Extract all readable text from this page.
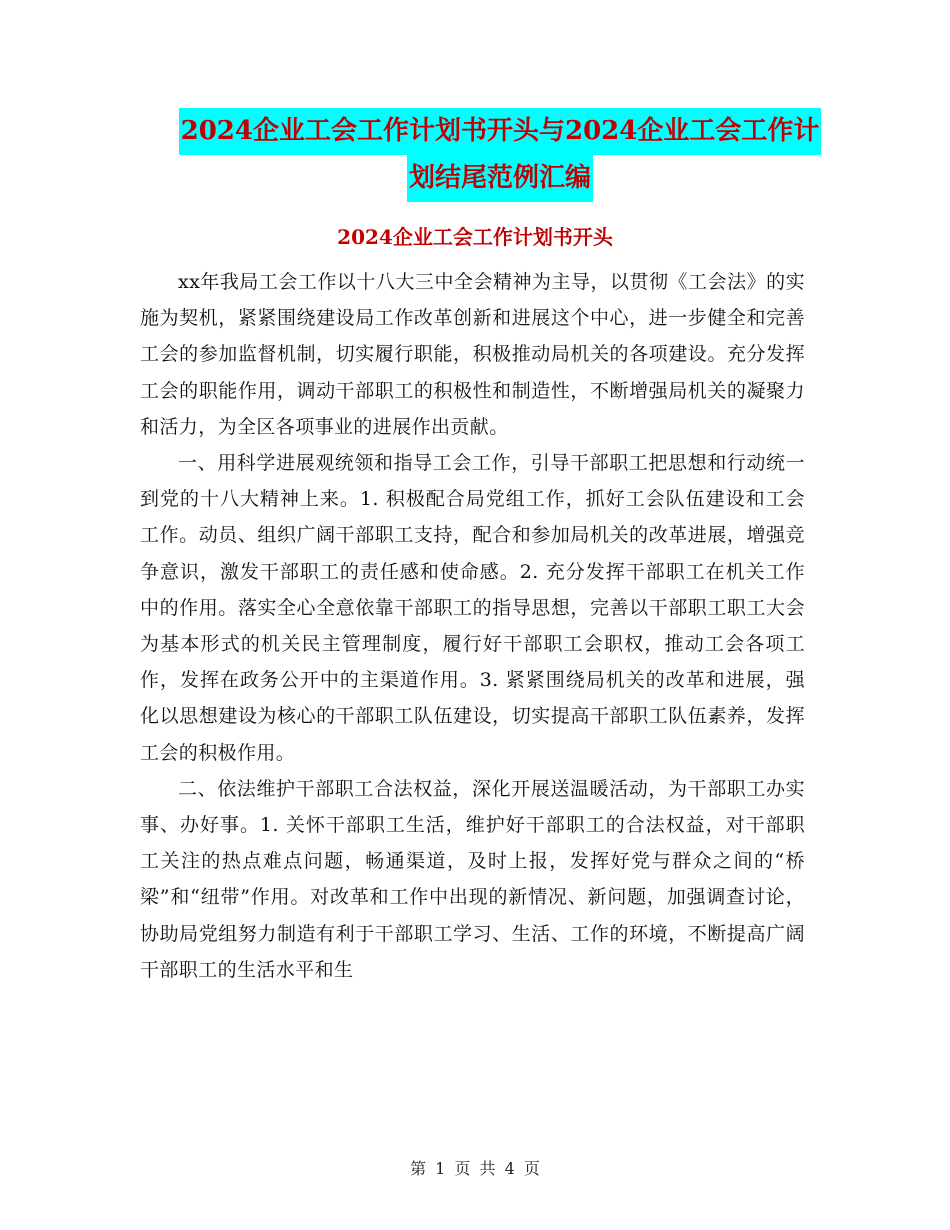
2024企业工会工作计划书开头与2024企业工会工作计
划结尾范例汇编
2024企业工会工作计划书开头

xx年我局工会工作以十八大三中全会精神为主导，以贯彻《工会法》的实施为契机，紧紧围绕建设局工作改革创新和进展这个中心，进一步健全和完善工会的参加监督机制，切实履行职能，积极推动局机关的各项建设。充分发挥工会的职能作用，调动干部职工的积极性和制造性，不断增强局机关的凝聚力和活力，为全区各项事业的进展作出贡献。

一、用科学进展观统领和指导工会工作，引导干部职工把思想和行动统一到党的十八大精神上来。1. 积极配合局党组工作，抓好工会队伍建设和工会工作。动员、组织广阔干部职工支持，配合和参加局机关的改革进展，增强竞争意识，激发干部职工的责任感和使命感。2. 充分发挥干部职工在机关工作中的作用。落实全心全意依靠干部职工的指导思想，完善以干部职工职工大会为基本形式的机关民主管理制度，履行好干部职工会职权，推动工会各项工作，发挥在政务公开中的主渠道作用。3. 紧紧围绕局机关的改革和进展，强化以思想建设为核心的干部职工队伍建设，切实提高干部职工队伍素养，发挥工会的积极作用。

二、依法维护干部职工合法权益，深化开展送温暖活动，为干部职工办实事、办好事。1. 关怀干部职工生活，维护好干部职工的合法权益，对干部职工关注的热点难点问题，畅通渠道，及时上报，发挥好党与群众之间的“桥梁”和“纽带”作用。对改革和工作中出现的新情况、新问题，加强调查讨论，协助局党组努力制造有利于干部职工学习、生活、工作的环境，不断提高广阔干部职工的生活水平和生

第 1 页 共 4 页
